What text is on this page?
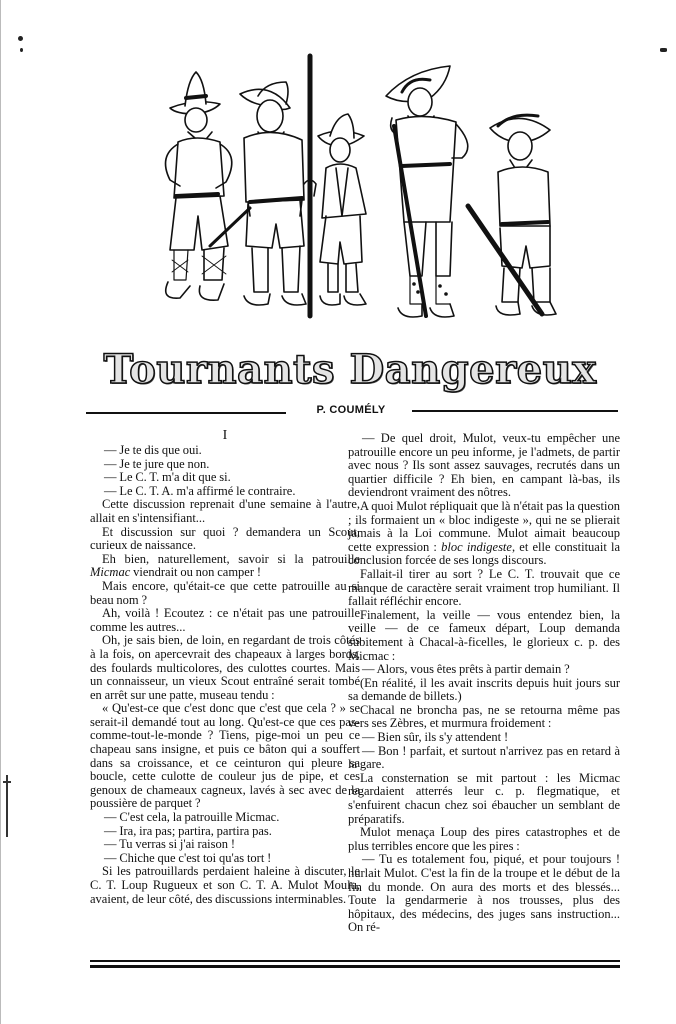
Tournants Dangereux
P. COUMÉLY

I

— Je te dis que oui.

— Je te jure que non.

— Le C. T. m'a dit que si.

— Le C. T. A. m'a affirmé le contraire.

Cette discussion reprenait d'une semaine à l'autre, allait en s'intensifiant...

Et discussion sur quoi ? demandera un Scout, curieux de naissance.

Eh bien, naturellement, savoir si la patrouille Micmac viendrait ou non camper !

Mais encore, qu'était-ce que cette patrouille au si beau nom ?

Ah, voilà ! Ecoutez : ce n'était pas une patrouille comme les autres...

Oh, je sais bien, de loin, en regardant de trois côtés à la fois, on apercevrait des chapeaux à larges bords, des foulards multicolores, des culottes courtes. Mais un connaisseur, un vieux Scout entraîné serait tombé en arrêt sur une patte, museau tendu :

« Qu'est-ce que c'est donc que c'est que cela ? » se serait-il demandé tout au long. Qu'est-ce que ces pas-comme-tout-le-monde ? Tiens, pige-moi un peu ce chapeau sans insigne, et puis ce bâton qui a souffert dans sa croissance, et ce ceinturon qui pleure sa boucle, cette culotte de couleur jus de pipe, et ces genoux de chameaux cagneux, lavés à sec avec de la poussière de parquet ?

— C'est cela, la patrouille Micmac.

— Ira, ira pas; partira, partira pas.

— Tu verras si j'ai raison !

— Chiche que c'est toi qu'as tort !

Si les patrouillards perdaient haleine à discuter, le C. T. Loup Rugueux et son C. T. A. Mulot Moulu, avaient, de leur côté, des discussions interminables.

— De quel droit, Mulot, veux-tu empêcher une patrouille encore un peu informe, je l'admets, de partir avec nous ? Ils sont assez sauvages, recrutés dans un quartier difficile ? Eh bien, en campant là-bas, ils deviendront vraiment des nôtres.

A quoi Mulot répliquait que là n'était pas la question ; ils formaient un « bloc indigeste », qui ne se plierait jamais à la Loi commune. Mulot aimait beaucoup cette expression : bloc indigeste, et elle constituait la conclusion forcée de ses longs discours.

Fallait-il tirer au sort ? Le C. T. trouvait que ce manque de caractère serait vraiment trop humiliant. Il fallait réfléchir encore.

Finalement, la veille — vous entendez bien, la veille — de ce fameux départ, Loup demanda subitement à Chacal-à-ficelles, le glorieux c. p. des Micmac :

— Alors, vous êtes prêts à partir demain ?

(En réalité, il les avait inscrits depuis huit jours sur sa demande de billets.)

Chacal ne broncha pas, ne se retourna même pas vers ses Zèbres, et murmura froidement :

— Bien sûr, ils s'y attendent !

— Bon ! parfait, et surtout n'arrivez pas en retard à la gare.

La consternation se mit partout : les Micmac regardaient atterrés leur c. p. flegmatique, et s'enfuirent chacun chez soi ébaucher un semblant de préparatifs.

Mulot menaça Loup des pires catastrophes et de plus terribles encore que les pires :

— Tu es totalement fou, piqué, et pour toujours ! hurlait Mulot. C'est la fin de la troupe et le début de la fin du monde. On aura des morts et des blessés... Toute la gendarmerie à nos trousses, plus des hôpitaux, des médecins, des juges sans instruction... On ré-
